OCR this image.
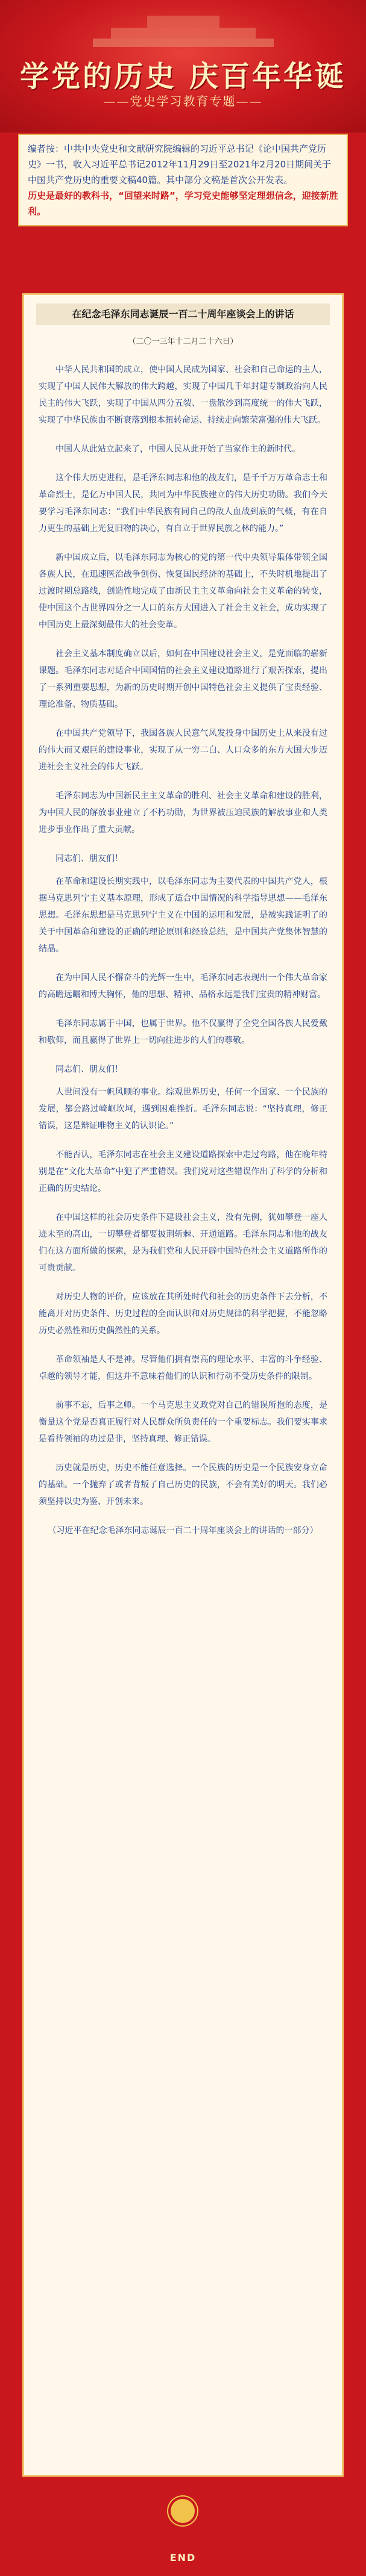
学党的历史 庆百年华诞
——党史学习教育专题——
编者按：中共中央党史和文献研究院编辑的习近平总书记《论中国共产党历史》一书，收入习近平总书记2012年11月29日至2021年2月20日期间关于中国共产党历史的重要文稿40篇。其中部分文稿是首次公开发表。
历史是最好的教科书，“回望来时路”，学习党史能够坚定理想信念，迎接新胜利。
在纪念毛泽东同志诞辰一百二十周年座谈会上的讲话
（二〇一三年十二月二十六日）

中华人民共和国的成立，使中国人民成为国家、社会和自己命运的主人，实现了中国人民伟大解放的伟大跨越，实现了中国几千年封建专制政治向人民民主的伟大飞跃，实现了中国从四分五裂、一盘散沙到高度统一的伟大飞跃，实现了中华民族由不断衰落到根本扭转命运、持续走向繁荣富强的伟大飞跃。

中国人从此站立起来了，中国人民从此开始了当家作主的新时代。

这个伟大历史进程，是毛泽东同志和他的战友们，是千千万万革命志士和革命烈士，是亿万中国人民，共同为中华民族建立的伟大历史功勋。我们今天要学习毛泽东同志：“我们中华民族有同自己的敌人血战到底的气概，有在自力更生的基础上光复旧物的决心，有自立于世界民族之林的能力。”

新中国成立后，以毛泽东同志为核心的党的第一代中央领导集体带领全国各族人民，在迅速医治战争创伤、恢复国民经济的基础上，不失时机地提出了过渡时期总路线，创造性地完成了由新民主主义革命向社会主义革命的转变，使中国这个占世界四分之一人口的东方大国进入了社会主义社会，成功实现了中国历史上最深刻最伟大的社会变革。

社会主义基本制度确立以后，如何在中国建设社会主义，是党面临的崭新课题。毛泽东同志对适合中国国情的社会主义建设道路进行了艰苦探索，提出了一系列重要思想，为新的历史时期开创中国特色社会主义提供了宝贵经验、理论准备、物质基础。

在中国共产党领导下，我国各族人民意气风发投身中国历史上从来没有过的伟大而又艰巨的建设事业，实现了从一穷二白、人口众多的东方大国大步迈进社会主义社会的伟大飞跃。

毛泽东同志为中国新民主主义革命的胜利、社会主义革命和建设的胜利，为中国人民的解放事业建立了不朽功勋，为世界被压迫民族的解放事业和人类进步事业作出了重大贡献。

同志们、朋友们！

在革命和建设长期实践中，以毛泽东同志为主要代表的中国共产党人，根据马克思列宁主义基本原理，形成了适合中国情况的科学指导思想——毛泽东思想。毛泽东思想是马克思列宁主义在中国的运用和发展，是被实践证明了的关于中国革命和建设的正确的理论原则和经验总结，是中国共产党集体智慧的结晶。

在为中国人民不懈奋斗的光辉一生中，毛泽东同志表现出一个伟大革命家的高瞻远瞩和博大胸怀，他的思想、精神、品格永远是我们宝贵的精神财富。

毛泽东同志属于中国，也属于世界。他不仅赢得了全党全国各族人民爱戴和敬仰，而且赢得了世界上一切向往进步的人们的尊敬。

同志们、朋友们！

人世间没有一帆风顺的事业。综观世界历史，任何一个国家、一个民族的发展，都会路过崎岖坎坷，遇到困难挫折。毛泽东同志说：“坚持真理，修正错误，这是辩证唯物主义的认识论。”

不能否认，毛泽东同志在社会主义建设道路探索中走过弯路，他在晚年特别是在“文化大革命”中犯了严重错误。我们党对这些错误作出了科学的分析和正确的历史结论。

在中国这样的社会历史条件下建设社会主义，没有先例，犹如攀登一座人迹未至的高山，一切攀登者都要披荆斩棘、开通道路。毛泽东同志和他的战友们在这方面所做的探索，是为我们党和人民开辟中国特色社会主义道路所作的可贵贡献。

对历史人物的评价，应该放在其所处时代和社会的历史条件下去分析，不能离开对历史条件、历史过程的全面认识和对历史规律的科学把握，不能忽略历史必然性和历史偶然性的关系。

革命领袖是人不是神。尽管他们拥有崇高的理论水平、丰富的斗争经验、卓越的领导才能，但这并不意味着他们的认识和行动不受历史条件的限制。

前事不忘，后事之师。一个马克思主义政党对自己的错误所抱的态度，是衡量这个党是否真正履行对人民群众所负责任的一个重要标志。我们要实事求是看待领袖的功过是非，坚持真理、修正错误。

历史就是历史，历史不能任意选择。一个民族的历史是一个民族安身立命的基础。一个抛弃了或者背叛了自己历史的民族，不会有美好的明天。我们必须坚持以史为鉴、开创未来。

（习近平在纪念毛泽东同志诞辰一百二十周年座谈会上的讲话的一部分）

END
